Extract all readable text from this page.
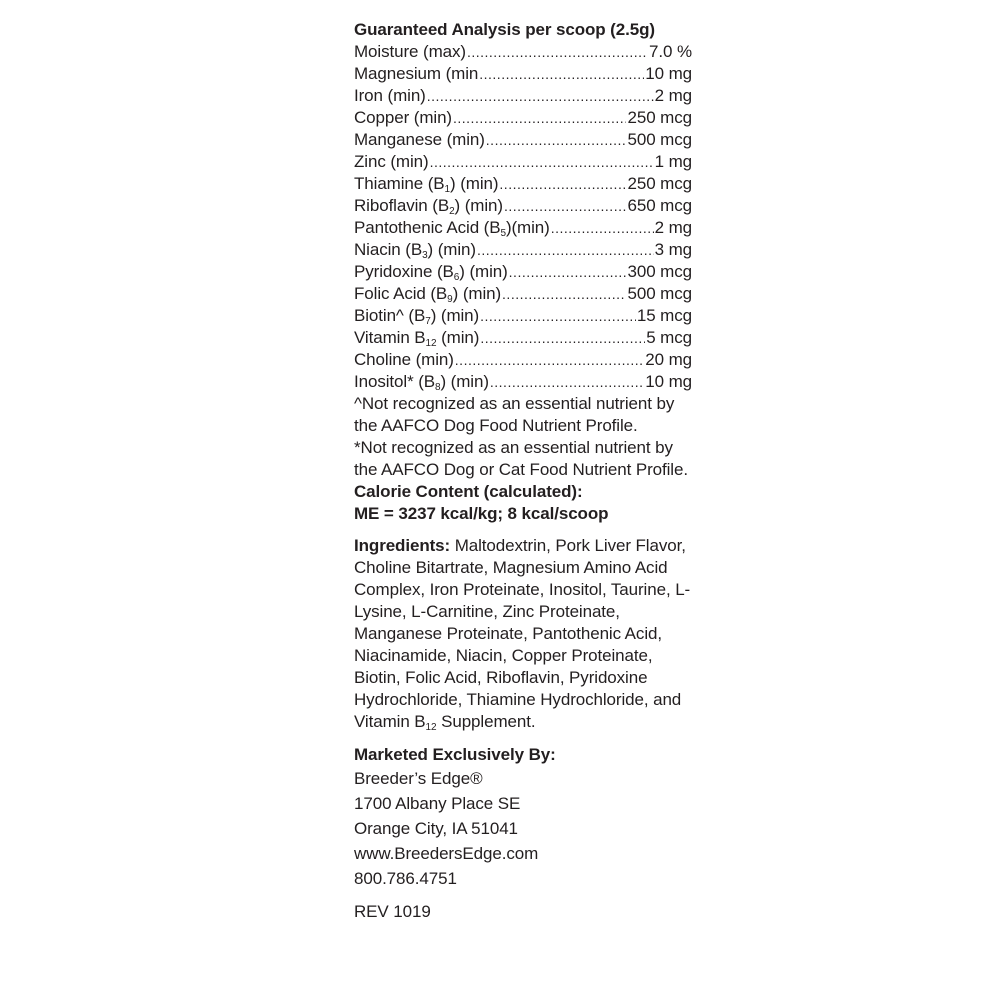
Guaranteed Analysis per scoop (2.5g)
Moisture (max) .....	7.0 %
Magnesium (min .....	10 mg
Iron (min) .....	2 mg
Copper (min) .....	250 mcg
Manganese (min) .....	500 mcg
Zinc (min) .....	1 mg
Thiamine $(B_1)$ (min) .....	250 mcg
Riboflavin $(B_2)$ (min) .....	650 mcg
Pantothenic Acid $(B_5)(\min)$ .....	2 mg
Niacin $(B_3)$ (min) .....	3 mg
Pyridoxine $(B_6)$ (min) .....	300 mcg
Folic Acid $(B_9)$ (min) .....	500 mcg
Biotin^ $(B_7)$ (min) .....	15 mcg
Vitamin $B_{12}$ (min) .....	5 mcg
Choline (min) .....	20 mg
Inositol* $(B_8)$ (min) .....	10 mg
^Not recognized as an essential nutrient by the AAFCO Dog Food Nutrient Profile.
*Not recognized as an essential nutrient by the AAFCO Dog or Cat Food Nutrient Profile.
Calorie Content (calculated):
ME = 3237 kcal/kg; 8 kcal/scoop
Ingredients: Maltodextrin, Pork Liver Flavor, Choline Bitartrate, Magnesium Amino Acid Complex, Iron Proteinate, Inositol, Taurine, L-Lysine, L-Carnitine, Zinc Proteinate, Manganese Proteinate, Pantothenic Acid, Niacinamide, Niacin, Copper Proteinate, Biotin, Folic Acid, Riboflavin, Pyridoxine Hydrochloride, Thiamine Hydrochloride, and Vitamin $B_{12}$ Supplement.
Marketed Exclusively By:
Breeder’s Edge®
1700 Albany Place SE
Orange City, IA 51041
www.BreedersEdge.com
800.786.4751
REV 1019
